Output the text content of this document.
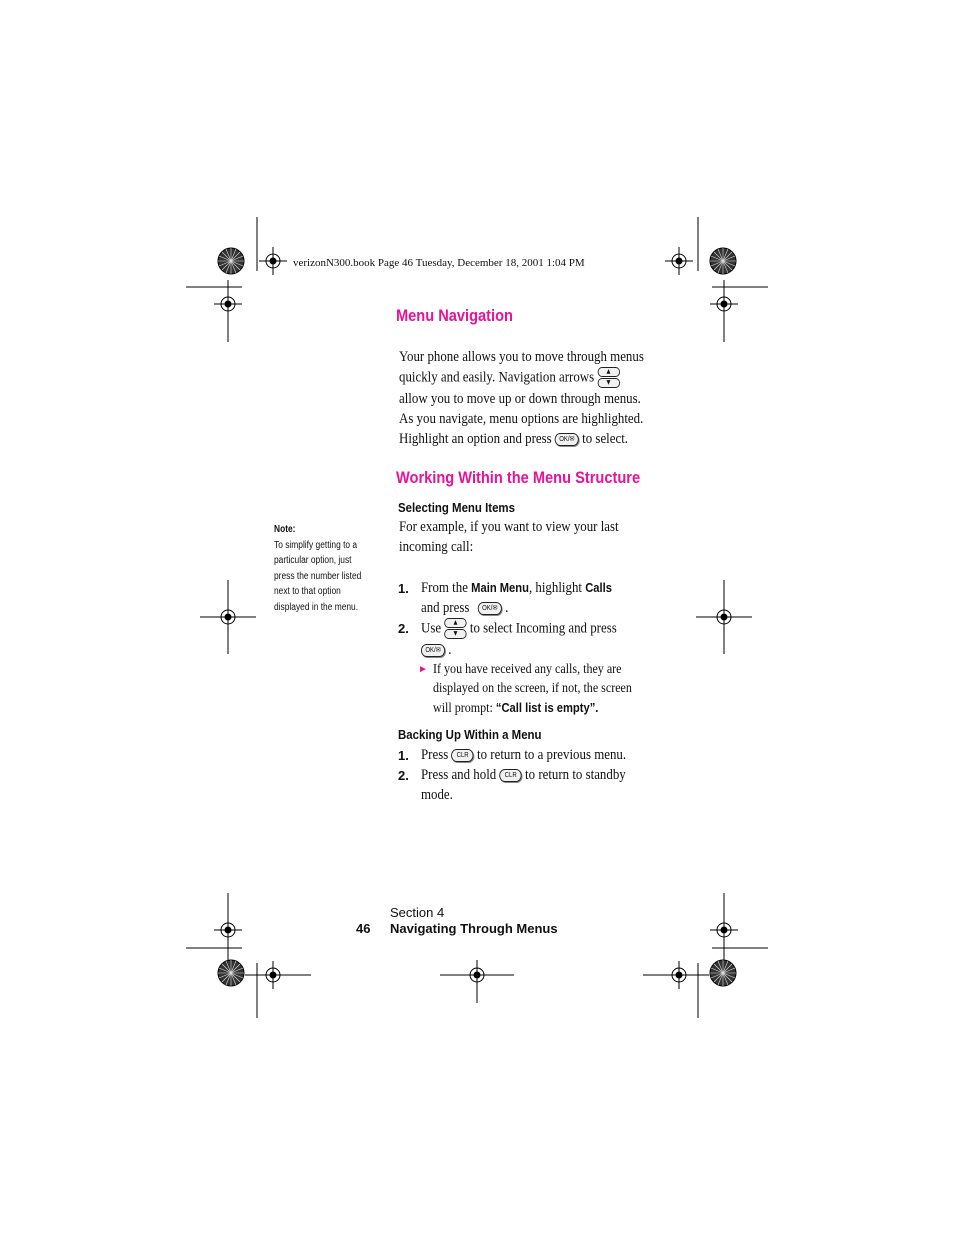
verizonN300.book Page 46 Tuesday, December 18, 2001 1:04 PM
Menu Navigation
Your phone allows you to move through menus
quickly and easily. Navigation arrows	▲
▼
allow you to move up or down through menus.
As you navigate, menu options are highlighted.
Highlight an option and press OK/✉ to select.
Working Within the Menu Structure
Selecting Menu Items
For example, if you want to view your last
incoming call:
1. From the Main Menu, highlight Calls
and press OK/✉ .
2. Use	▲
▼ to select Incoming and press
OK/✉ .
► If you have received any calls, they are
displayed on the screen, if not, the screen
will prompt: “Call list is empty”.
Backing Up Within a Menu
1. Press CLR to return to a previous menu.
2. Press and hold CLR to return to standby
mode.
Note:
To simplify getting to a
particular option, just
press the number listed
next to that option
displayed in the menu.
Section 4
46 Navigating Through Menus
